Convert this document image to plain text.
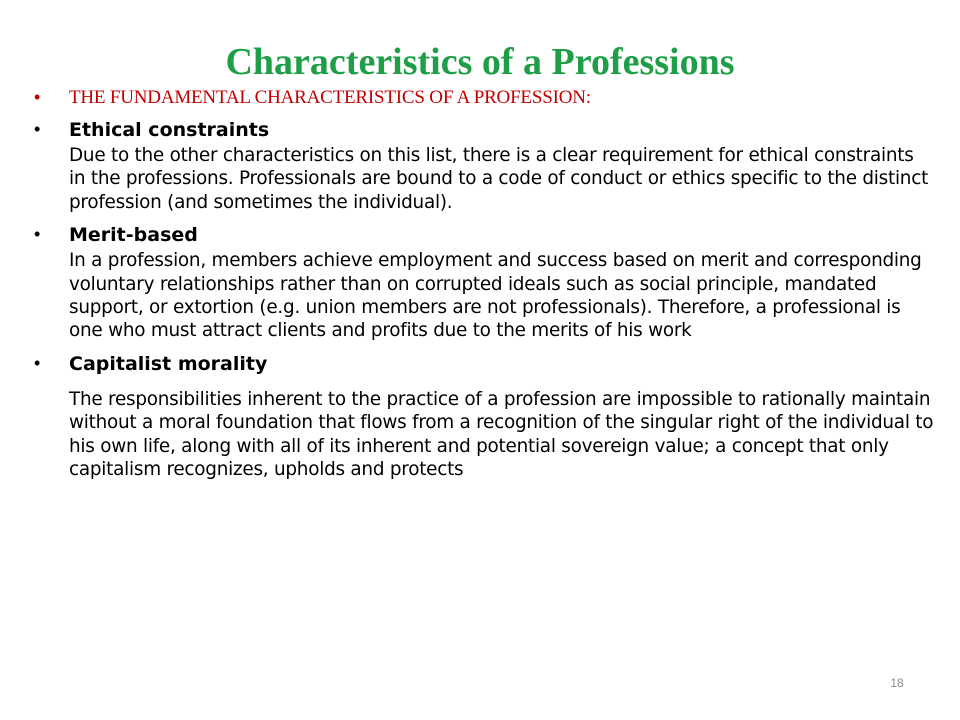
Characteristics of a Professions
• THE FUNDAMENTAL CHARACTERISTICS OF A PROFESSION:
• Ethical constraints
Due to the other characteristics on this list, there is a clear requirement for ethical constraints in the professions. Professionals are bound to a code of conduct or ethics specific to the distinct profession (and sometimes the individual).
• Merit-based
In a profession, members achieve employment and success based on merit and corresponding voluntary relationships rather than on corrupted ideals such as social principle, mandated support, or extortion (e.g. union members are not professionals). Therefore, a professional is one who must attract clients and profits due to the merits of his work
• Capitalist morality
The responsibilities inherent to the practice of a profession are impossible to rationally maintain without a moral foundation that flows from a recognition of the singular right of the individual to his own life, along with all of its inherent and potential sovereign value; a concept that only capitalism recognizes, upholds and protects
18
